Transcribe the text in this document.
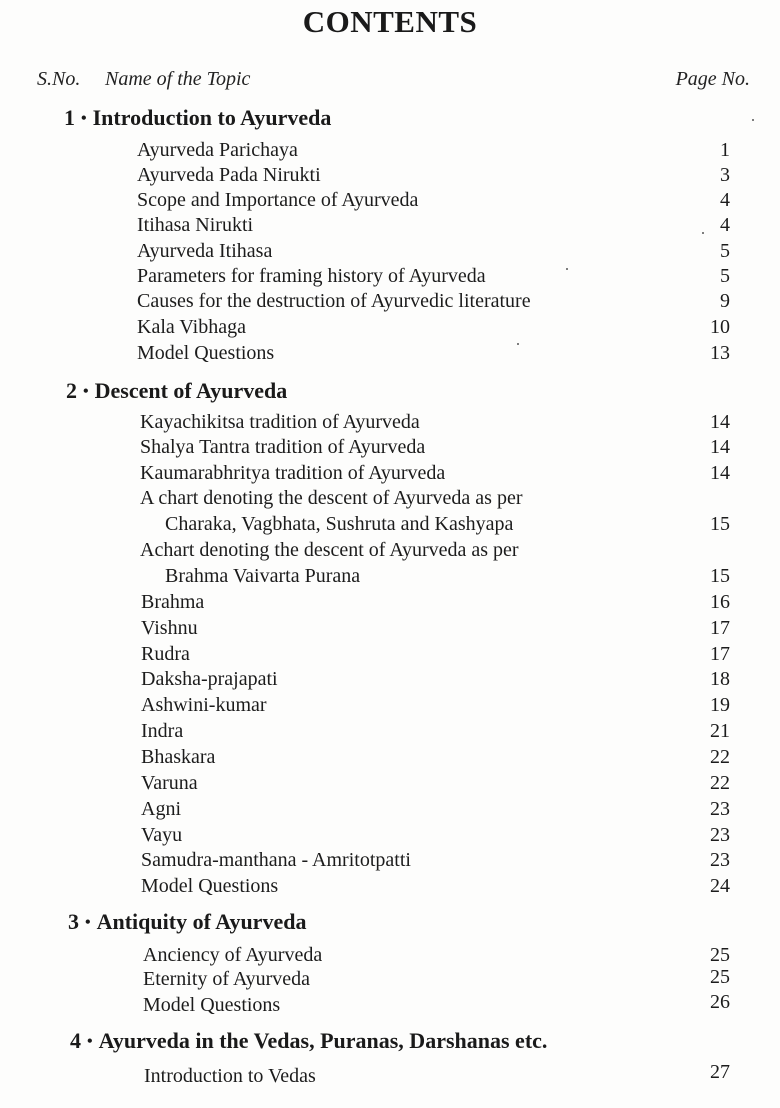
CONTENTS
S.No. Name of the Topic	Page No.
1 • Introduction to Ayurveda
Ayurveda Parichaya	1
Ayurveda Pada Nirukti	3
Scope and Importance of Ayurveda	4
Itihasa Nirukti	4
Ayurveda Itihasa	5
Parameters for framing history of Ayurveda	5
Causes for the destruction of Ayurvedic literature	9
Kala Vibhaga	10
Model Questions	13
2 • Descent of Ayurveda
Kayachikitsa tradition of Ayurveda	14
Shalya Tantra tradition of Ayurveda	14
Kaumarabhritya tradition of Ayurveda	14
A chart denoting the descent of Ayurveda as per
Charaka, Vagbhata, Sushruta and Kashyapa	15
Achart denoting the descent of Ayurveda as per
Brahma Vaivarta Purana	15
Brahma	16
Vishnu	17
Rudra	17
Daksha-prajapati	18
Ashwini-kumar	19
Indra	21
Bhaskara	22
Varuna	22
Agni	23
Vayu	23
Samudra-manthana - Amritotpatti	23
Model Questions	24
3 • Antiquity of Ayurveda
Anciency of Ayurveda	25
Eternity of Ayurveda	25
Model Questions	26
4 • Ayurveda in the Vedas, Puranas, Darshanas etc.
Introduction to Vedas	27
